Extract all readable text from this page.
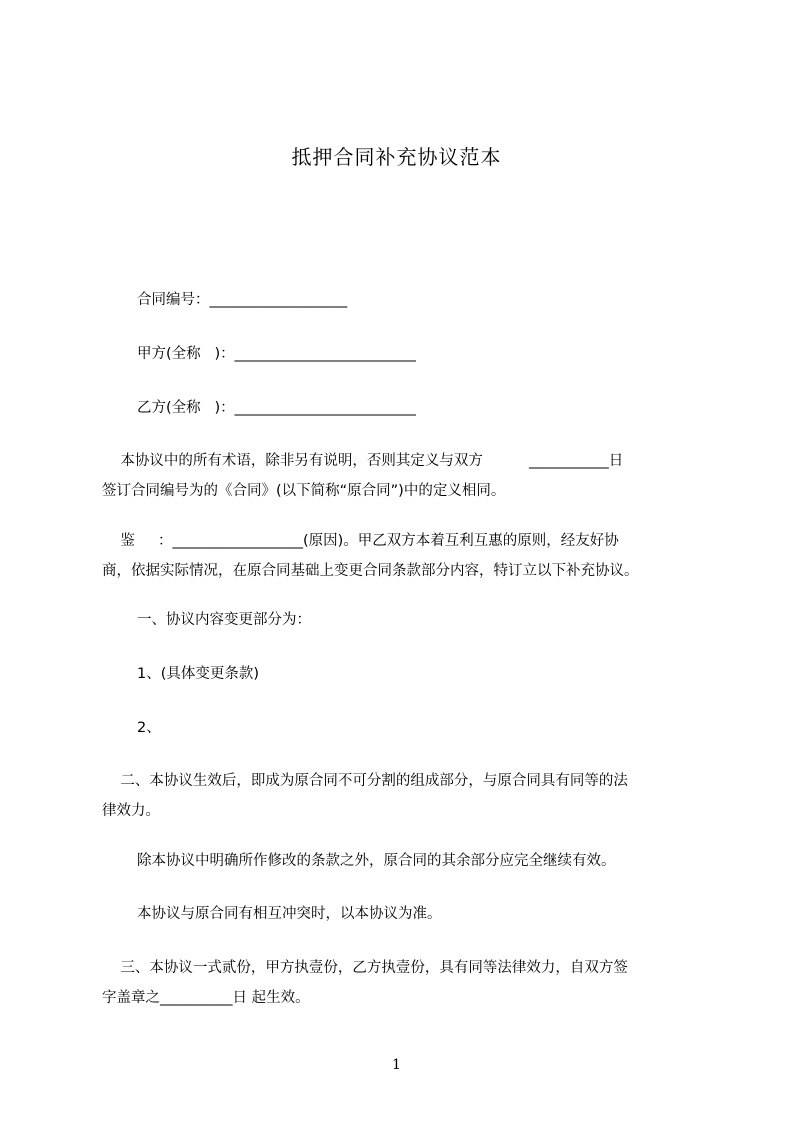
抵押合同补充协议范本
合同编号：___________________
甲方(全称   )：_________________________
乙方(全称   )：_________________________
本协议中的所有术语，除非另有说明，否则其定义与双方          ___________日
签订合同编号为的《合同》(以下简称“原合同”)中的定义相同。
鉴     ：__________________(原因)。甲乙双方本着互利互惠的原则，经友好协
商，依据实际情况，在原合同基础上变更合同条款部分内容，特订立以下补充协议。
一、协议内容变更部分为：
1、(具体变更条款)
2、
二、本协议生效后，即成为原合同不可分割的组成部分，与原合同具有同等的法
律效力。
除本协议中明确所作修改的条款之外，原合同的其余部分应完全继续有效。
本协议与原合同有相互冲突时，以本协议为准。
三、本协议一式贰份，甲方执壹份，乙方执壹份，具有同等法律效力，自双方签
字盖章之__________日 起生效。
1
